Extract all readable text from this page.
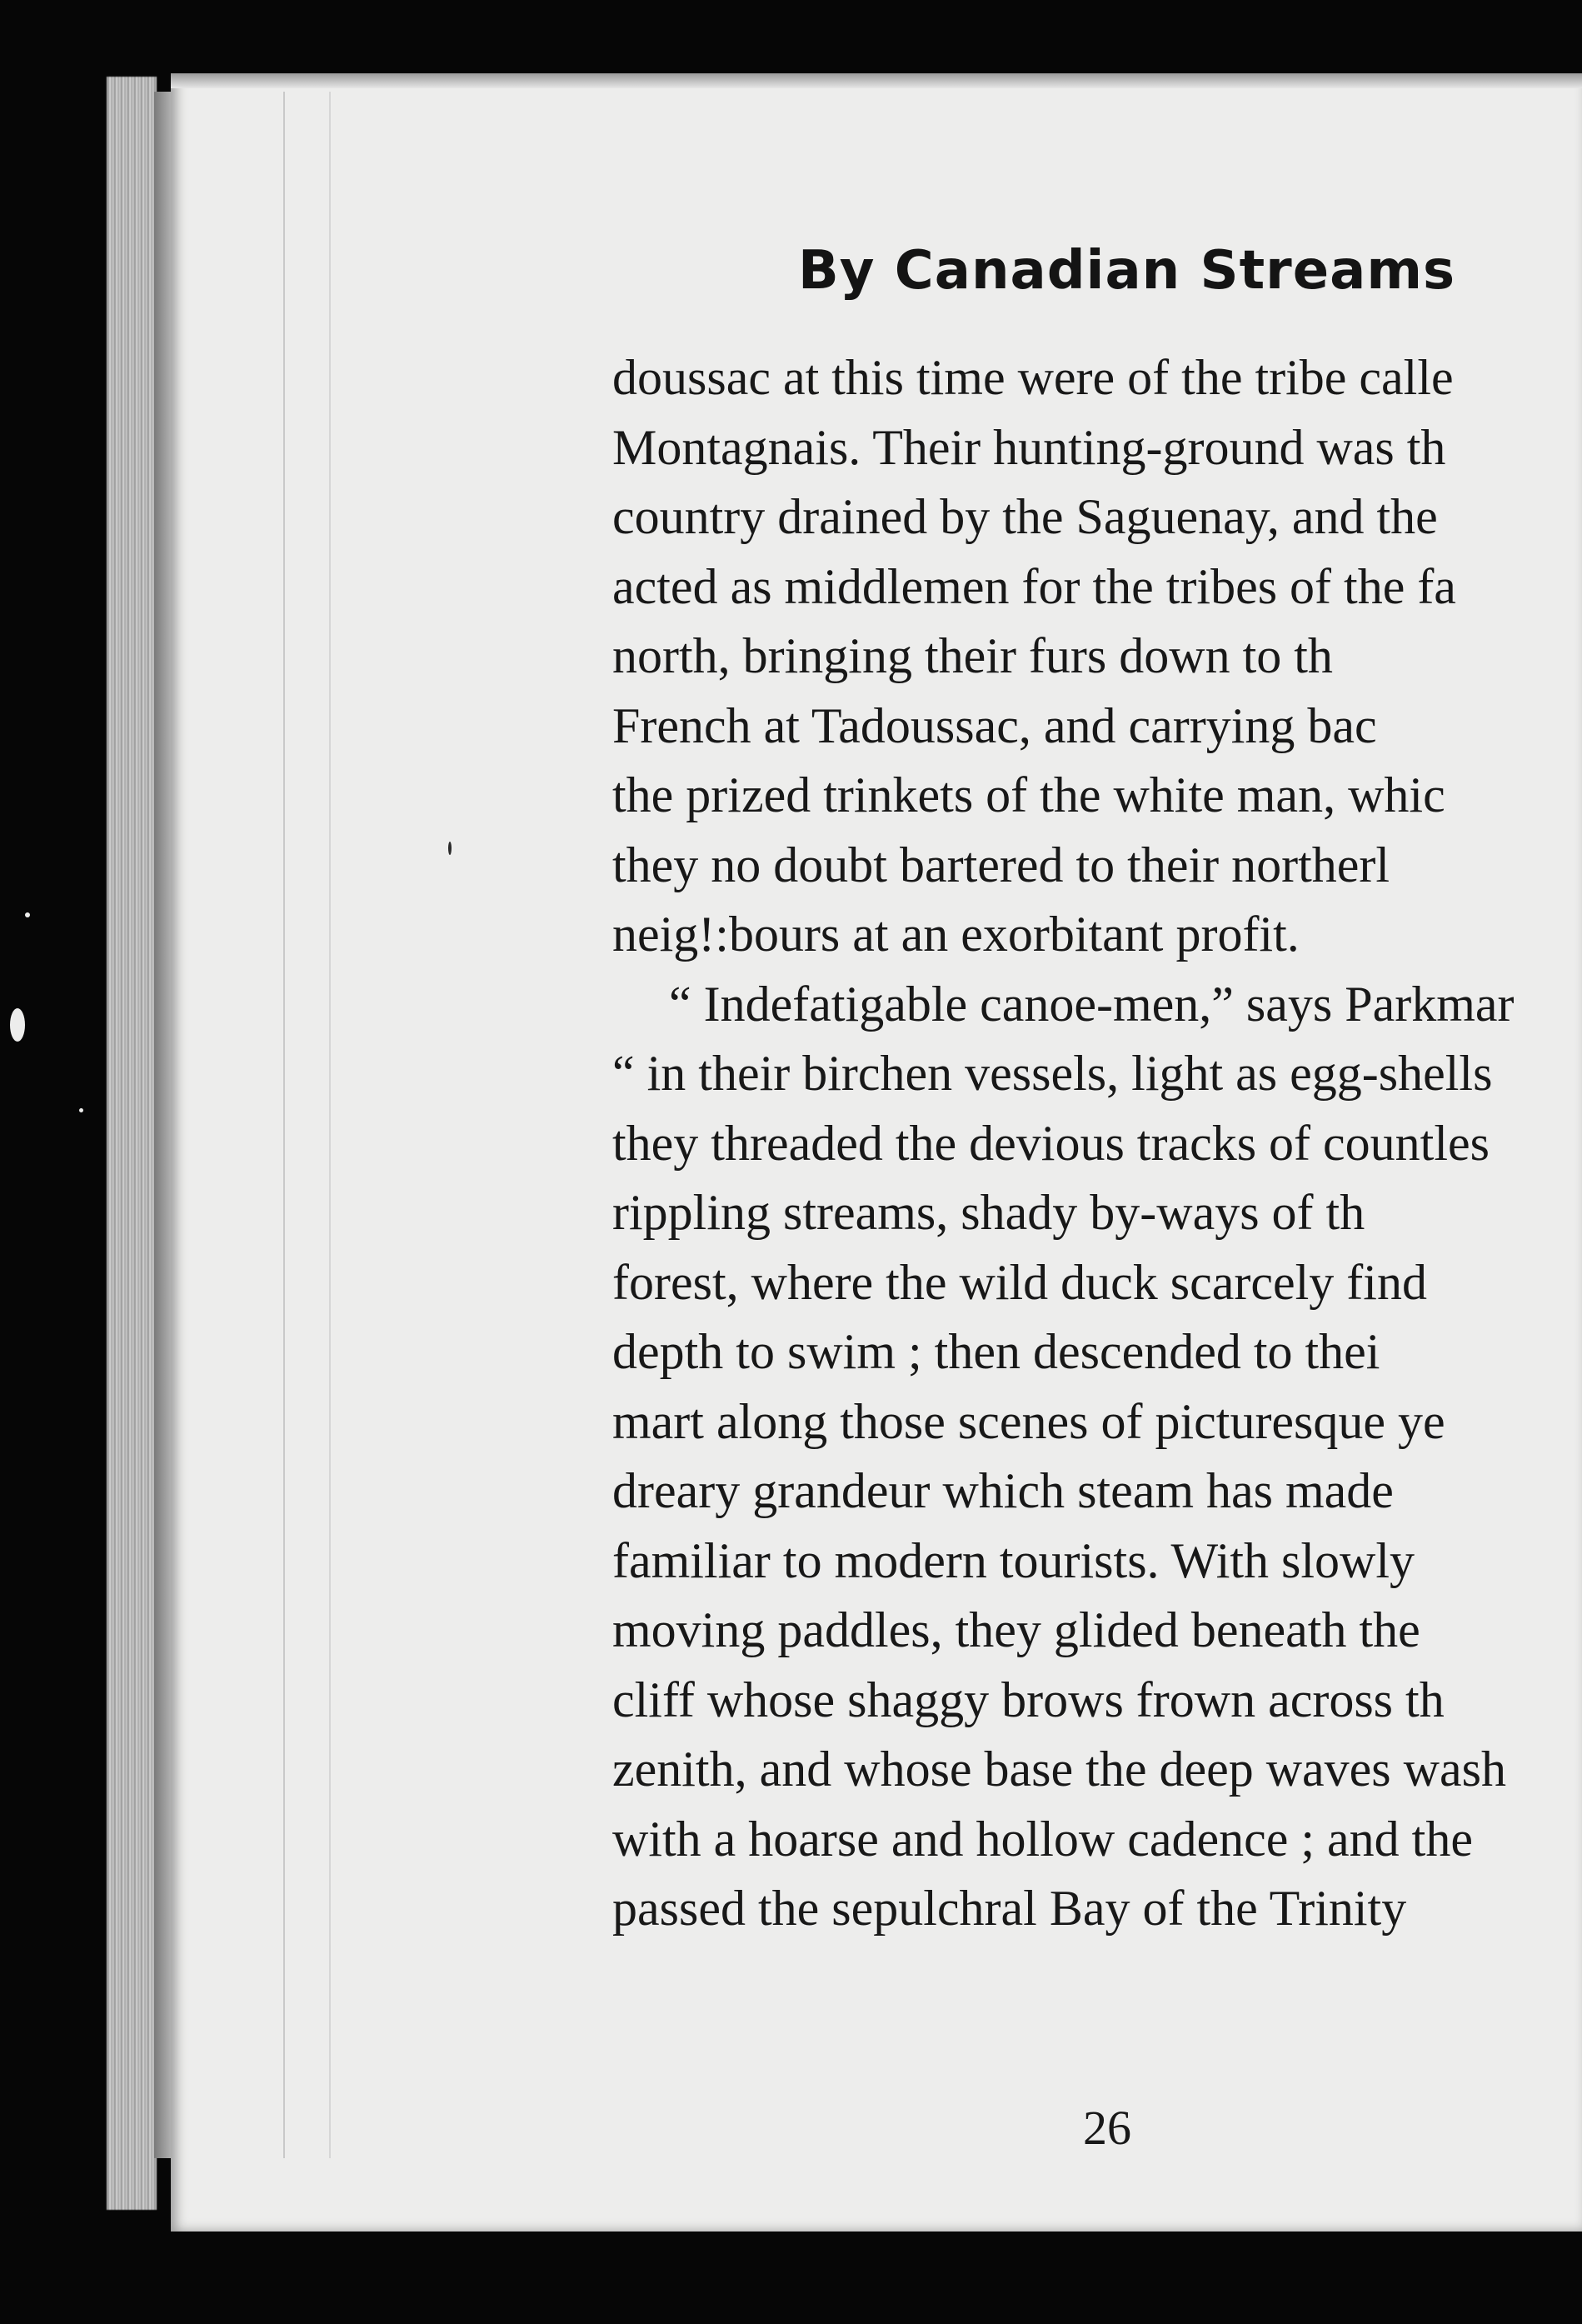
By Canadian Streams
doussac at this time were of the tribe calle
Montagnais. Their hunting-ground was th
country drained by the Saguenay, and the
acted as middlemen for the tribes of the fa
north, bringing their furs down to th
French at Tadoussac, and carrying bac
the prized trinkets of the white man, whic
they no doubt bartered to their northerl
neig!:bours at an exorbitant profit.
“ Indefatigable canoe-men,” says Parkmar
“ in their birchen vessels, light as egg-shells
they threaded the devious tracks of countles
rippling streams, shady by-ways of th
forest, where the wild duck scarcely find
depth to swim ; then descended to thei
mart along those scenes of picturesque ye
dreary grandeur which steam has made
familiar to modern tourists. With slowly
moving paddles, they glided beneath the
cliff whose shaggy brows frown across th
zenith, and whose base the deep waves wash
with a hoarse and hollow cadence ; and the
passed the sepulchral Bay of the Trinity
26
